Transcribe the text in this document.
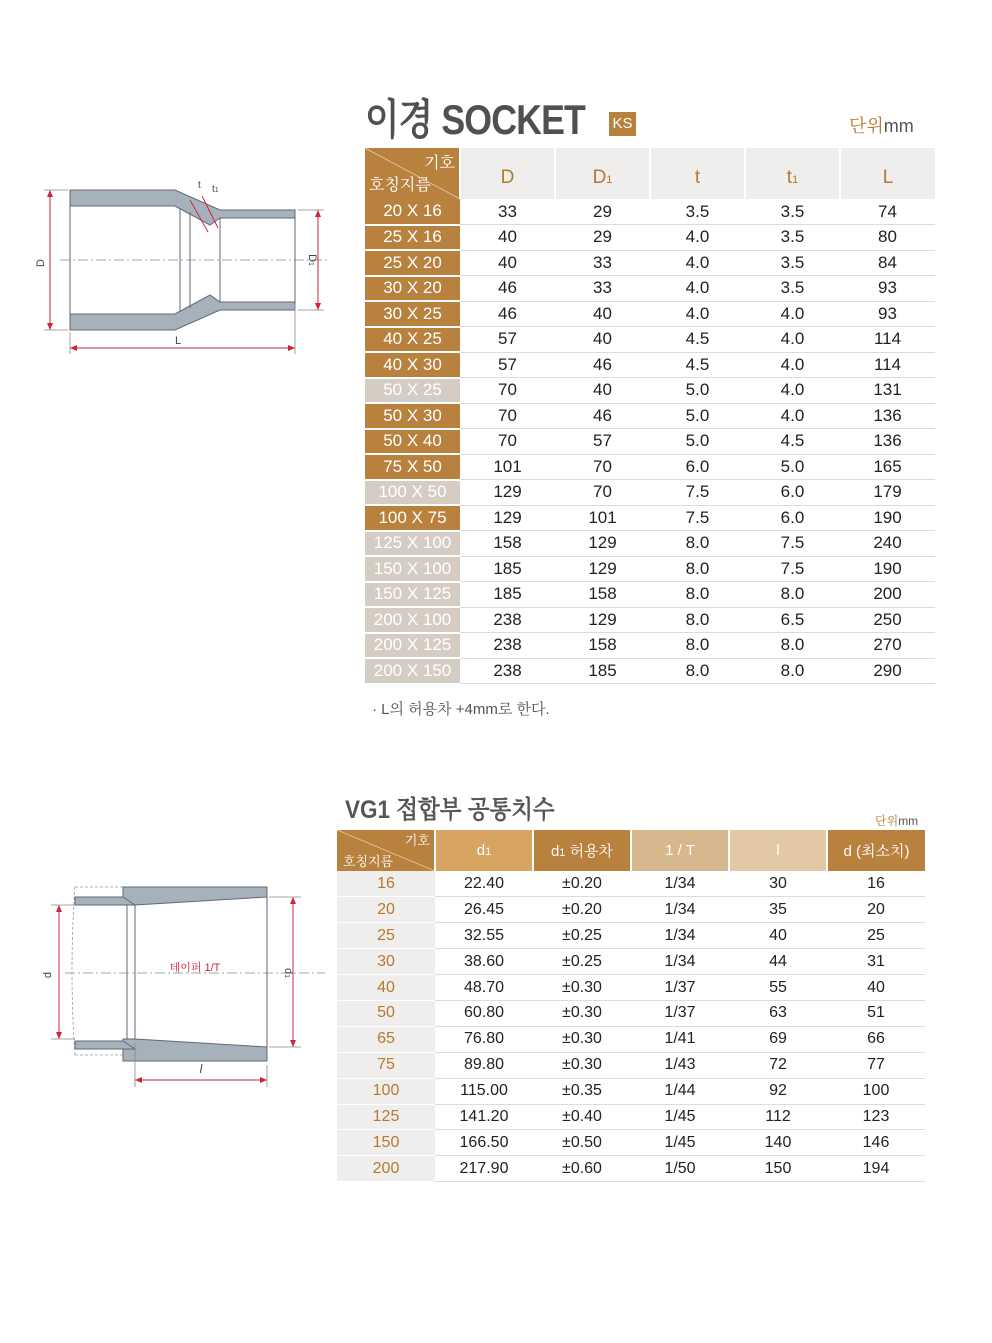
이경 SOCKET KS	단위mm
D
D1
L
t t1
기호
호칭지름	D	D1	t	t1	L
20 X 16	33	29	3.5	3.5	74
25 X 16	40	29	4.0	3.5	80
25 X 20	40	33	4.0	3.5	84
30 X 20	46	33	4.0	3.5	93
30 X 25	46	40	4.0	4.0	93
40 X 25	57	40	4.5	4.0	114
40 X 30	57	46	4.5	4.0	114
50 X 25	70	40	5.0	4.0	131
50 X 30	70	46	5.0	4.0	136
50 X 40	70	57	5.0	4.5	136
75 X 50	101	70	6.0	5.0	165
100 X 50	129	70	7.5	6.0	179
100 X 75	129	101	7.5	6.0	190
125 X 100	158	129	8.0	7.5	240
150 X 100	185	129	8.0	7.5	190
150 X 125	185	158	8.0	8.0	200
200 X 100	238	129	8.0	6.5	250
200 X 125	238	158	8.0	8.0	270
200 X 150	238	185	8.0	8.0	290
· L의 허용차 +4mm로 한다.
VG1 접합부 공통치수	단위mm
테이퍼 1/T
d
d1
l
기호
호칭지름	d1	d1 허용차	1 / T	l	d (최소치)
16	22.40	±0.20	1/34	30	16
20	26.45	±0.20	1/34	35	20
25	32.55	±0.25	1/34	40	25
30	38.60	±0.25	1/34	44	31
40	48.70	±0.30	1/37	55	40
50	60.80	±0.30	1/37	63	51
65	76.80	±0.30	1/41	69	66
75	89.80	±0.30	1/43	72	77
100	115.00	±0.35	1/44	92	100
125	141.20	±0.40	1/45	112	123
150	166.50	±0.50	1/45	140	146
200	217.90	±0.60	1/50	150	194
